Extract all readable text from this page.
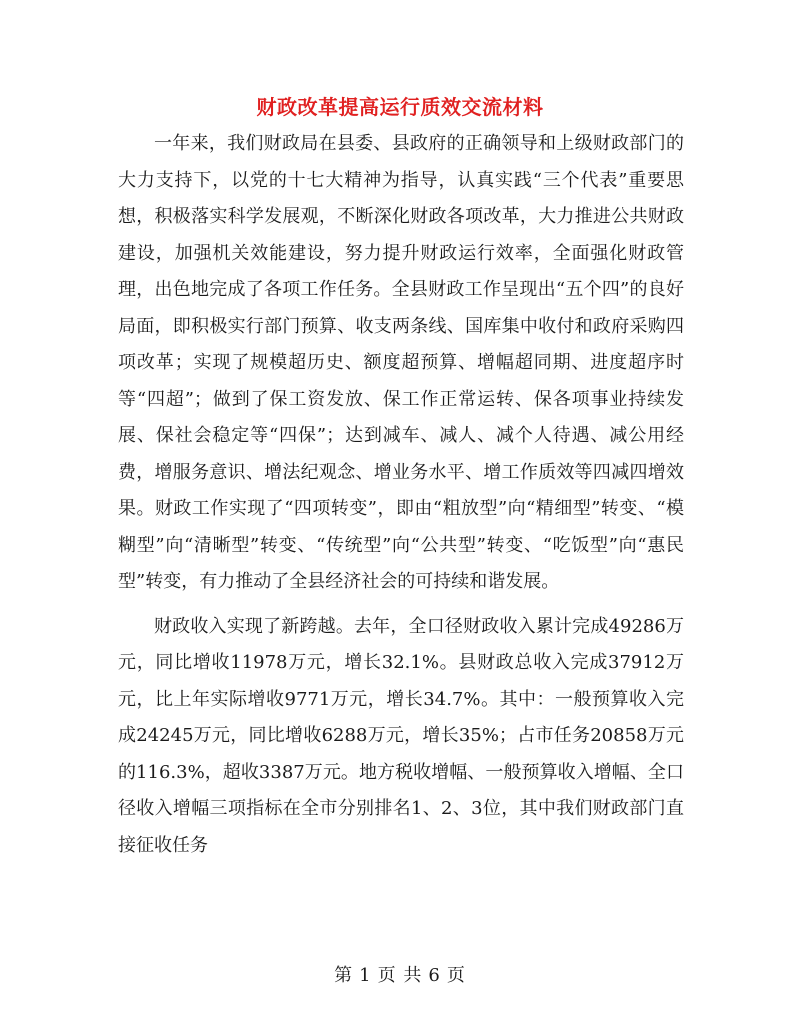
财政改革提高运行质效交流材料

一年来，我们财政局在县委、县政府的正确领导和上级财政部门的大力支持下，以党的十七大精神为指导，认真实践“三个代表”重要思想，积极落实科学发展观，不断深化财政各项改革，大力推进公共财政建设，加强机关效能建设，努力提升财政运行效率，全面强化财政管理，出色地完成了各项工作任务。全县财政工作呈现出“五个四”的良好局面，即积极实行部门预算、收支两条线、国库集中收付和政府采购四项改革；实现了规模超历史、额度超预算、增幅超同期、进度超序时等“四超”；做到了保工资发放、保工作正常运转、保各项事业持续发展、保社会稳定等“四保”；达到减车、减人、减个人待遇、减公用经费，增服务意识、增法纪观念、增业务水平、增工作质效等四减四增效果。财政工作实现了“四项转变”，即由“粗放型”向“精细型”转变、“模糊型”向“清晰型”转变、“传统型”向“公共型”转变、“吃饭型”向“惠民型”转变，有力推动了全县经济社会的可持续和谐发展。

财政收入实现了新跨越。去年，全口径财政收入累计完成49286万元，同比增收11978万元，增长32.1%。县财政总收入完成37912万元，比上年实际增收9771万元，增长34.7%。其中：一般预算收入完成24245万元，同比增收6288万元，增长35%；占市任务20858万元的116.3%，超收3387万元。地方税收增幅、一般预算收入增幅、全口径收入增幅三项指标在全市分别排名1、2、3位，其中我们财政部门直接征收任务

第 1 页 共 6 页
